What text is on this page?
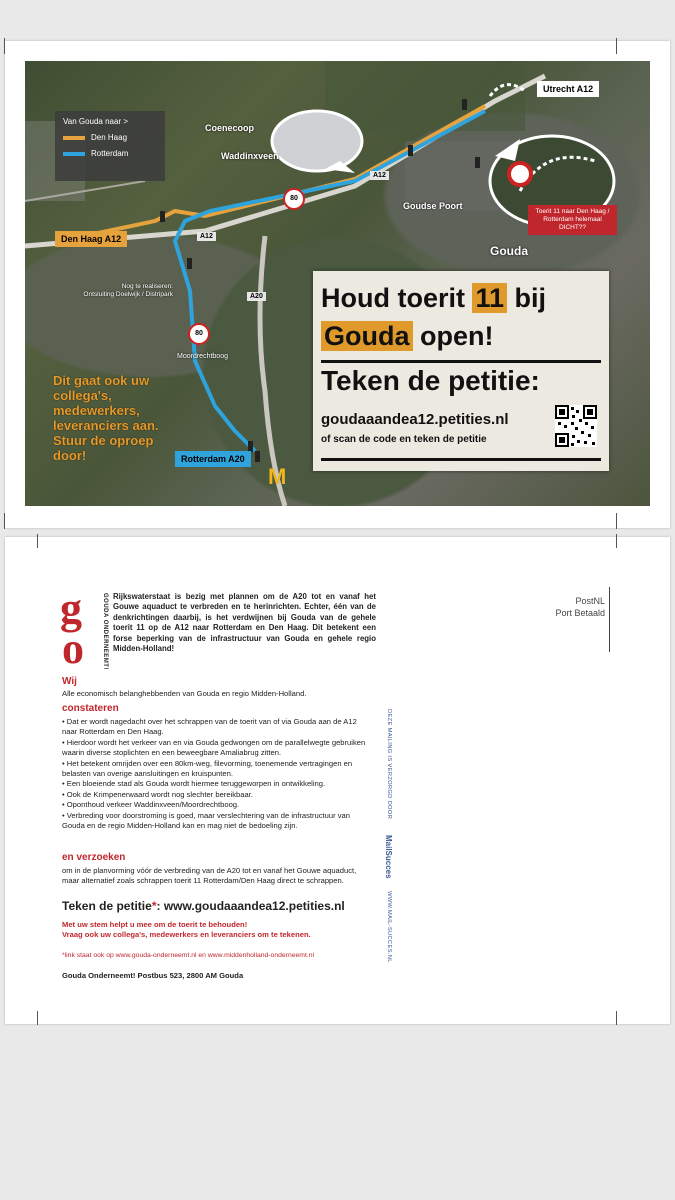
M
Van Gouda naar >
Den Haag
Rotterdam
Coenecoop
Waddinxveen
Goudse Poort
Gouda
Moordrechtboog
Nog te realiseren:
Ontsluiting Doelwijk / Distripark
A12
A12
A20
Utrecht A12
Den Haag A12
Rotterdam A20
80
80
Toerit 11 naar Den Haag / Rotterdam helemaal DICHT??
Dit gaat ook uw collega's, medewerkers, leveranciers aan. Stuur de oproep door!
Houd toerit 11 bij
Gouda open!
Teken de petitie:
goudaaandea12.petities.nl
of scan de code en teken de petitie
g
o	GOUDA ONDERNEEMT! Rijkswaterstaat is bezig met plannen om de A20 tot en vanaf het Gouwe aquaduct te verbreden en te herinrichten. Echter, één van de denkrichtingen daarbij, is het verdwijnen bij Gouda van de gehele toerit 11 op de A12 naar Rotterdam en Den Haag. Dit betekent een forse beperking van de infrastructuur van Gouda en gehele regio Midden-Holland!
Wij
Alle economisch belanghebbenden van Gouda en regio Midden-Holland.
constateren
• Dat er wordt nagedacht over het schrappen van de toerit van of via Gouda aan de A12 naar Rotterdam en Den Haag.
• Hierdoor wordt het verkeer van en via Gouda gedwongen om de parallelwegte gebruiken waarin diverse stoplichten en een beweegbare Amaliabrug zitten.
• Het betekent omrijden over een 80km-weg, filevorming, toenemende vertragingen en belasten van overige aansluitingen en kruispunten.
• Een bloeiende stad als Gouda wordt hiermee teruggeworpen in ontwikkeling.
• Ook de Krimpenerwaard wordt nog slechter bereikbaar.
• Oponthoud verkeer Waddinxveen/Moordrechtboog.
• Verbreding voor doorstroming is goed, maar verslechtering van de infrastructuur van Gouda en de regio Midden-Holland kan en mag niet de bedoeling zijn.
en verzoeken
om in de planvorming vóór de verbreding van de A20 tot en vanaf het Gouwe aquaduct, maar alternatief zoals schrappen toerit 11 Rotterdam/Den Haag direct te schrappen.
Teken de petitie*: www.goudaaandea12.petities.nl
Met uw stem helpt u mee om de toerit te behouden!
Vraag ook uw collega's, medewerkers en leveranciers om te tekenen.
*link staat ook op www.gouda-onderneemt.nl en www.middenholland-onderneemt.nl
Gouda Onderneemt! Postbus 523, 2800 AM Gouda
DEZE MAILING IS VERZORGD DOOR
MailSucces
WWW.MAIL-SUCCES.NL
PostNL
Port Betaald
